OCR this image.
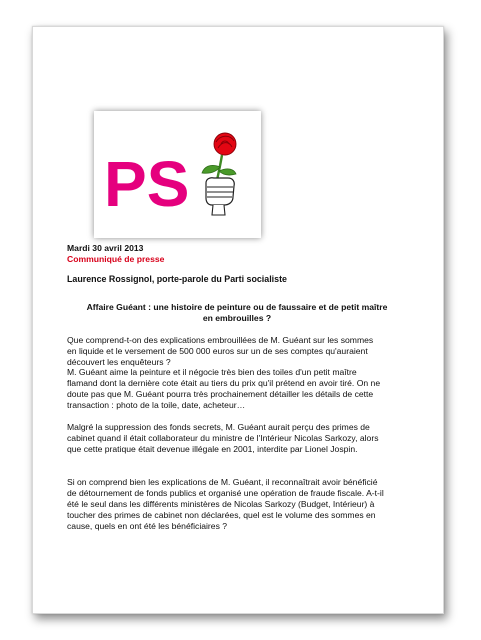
PS

Mardi 30 avril 2013

Communiqué de presse

Laurence Rossignol, porte-parole du Parti socialiste

Affaire Guéant : une histoire de peinture ou de faussaire et de petit maître en embrouilles ?

Que comprend-t-on des explications embrouillées de M. Guéant sur les sommes en liquide et le versement de 500 000 euros sur un de ses comptes qu'auraient découvert les enquêteurs ?

M. Guéant aime la peinture et il négocie très bien des toiles d'un petit maître flamand dont la dernière cote était au tiers du prix qu'il prétend en avoir tiré. On ne doute pas que M. Guéant pourra très prochainement détailler les détails de cette transaction : photo de la toile, date, acheteur…

Malgré la suppression des fonds secrets, M. Guéant aurait perçu des primes de cabinet quand il était collaborateur du ministre de l'Intérieur Nicolas Sarkozy, alors que cette pratique était devenue illégale en 2001, interdite par Lionel Jospin.

Si on comprend bien les explications de M. Guéant, il reconnaîtrait avoir bénéficié de détournement de fonds publics et organisé une opération de fraude fiscale. A-t-il été le seul dans les différents ministères de Nicolas Sarkozy (Budget, Intérieur) à toucher des primes de cabinet non déclarées, quel est le volume des sommes en cause, quels en ont été les bénéficiaires ?
